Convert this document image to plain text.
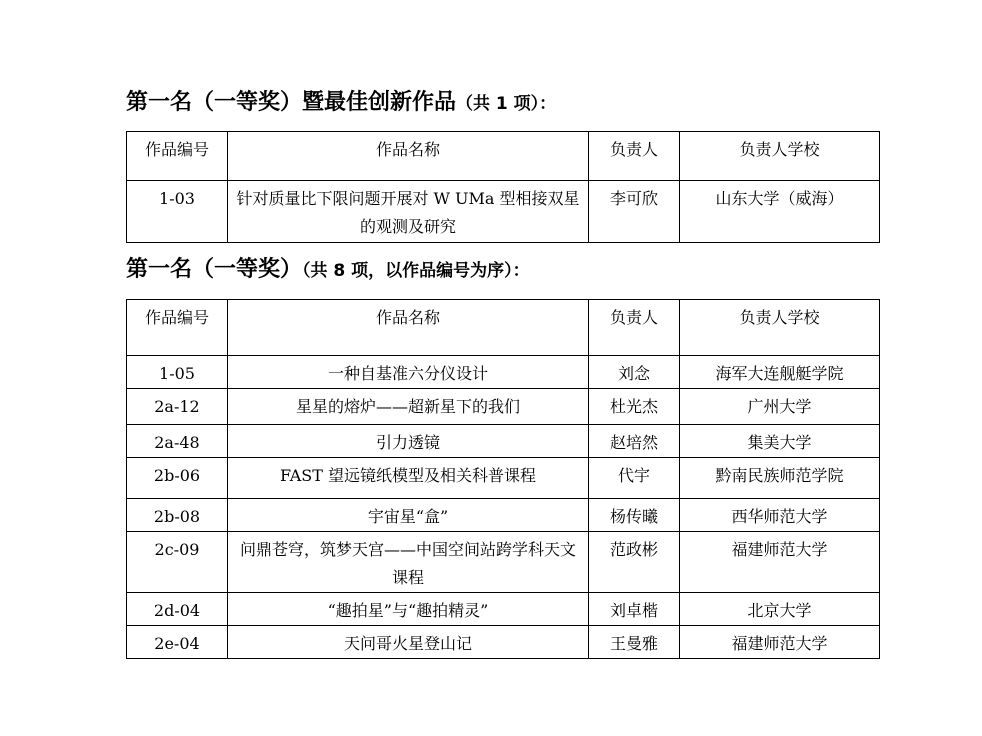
第一名（一等奖）暨最佳创新作品（共 1 项）：
作品编号	作品名称	负责人	负责人学校
1-03	针对质量比下限问题开展对 W UMa 型相接双星的观测及研究	李可欣	山东大学（威海）
第一名（一等奖）（共 8 项，以作品编号为序）：
作品编号	作品名称	负责人	负责人学校
1-05	一种自基准六分仪设计	刘念	海军大连舰艇学院
2a-12	星星的熔炉——超新星下的我们	杜光杰	广州大学
2a-48	引力透镜	赵培然	集美大学
2b-06	FAST 望远镜纸模型及相关科普课程	代宇	黔南民族师范学院
2b-08	宇宙星“盒”	杨传曦	西华师范大学
2c-09	问鼎苍穹，筑梦天宫——中国空间站跨学科天文课程	范政彬	福建师范大学
2d-04	“趣拍星”与“趣拍精灵”	刘卓楷	北京大学
2e-04	天问哥火星登山记	王曼雅	福建师范大学
